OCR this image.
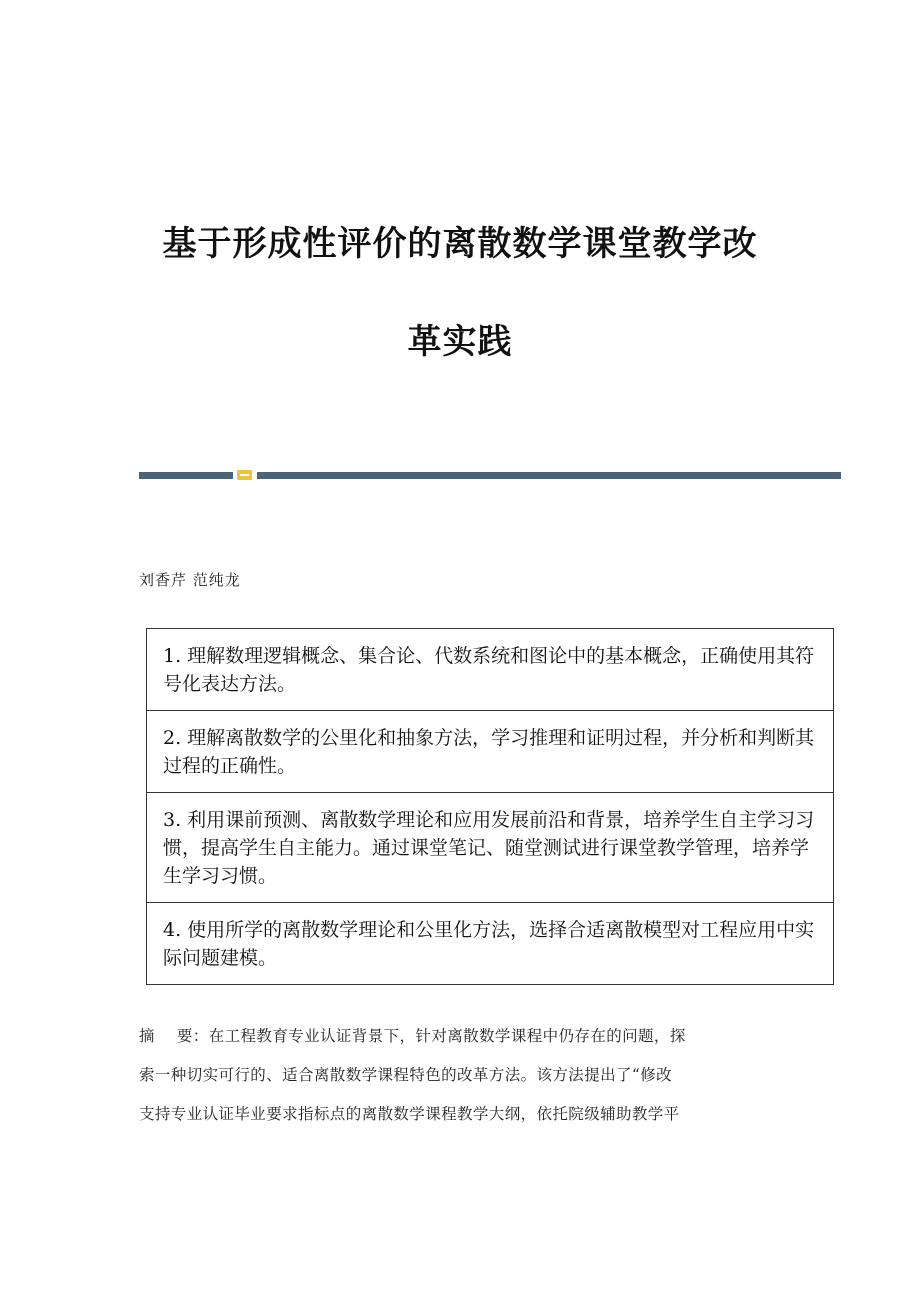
基于形成性评价的离散数学课堂教学改
革实践
刘香芹 范纯龙
1. 理解数理逻辑概念、集合论、代数系统和图论中的基本概念，正确使用其符号化表达方法。
2. 理解离散数学的公里化和抽象方法，学习推理和证明过程，并分析和判断其过程的正确性。
3. 利用课前预测、离散数学理论和应用发展前沿和背景，培养学生自主学习习惯，提高学生自主能力。通过课堂笔记、随堂测试进行课堂教学管理，培养学生学习习惯。
4. 使用所学的离散数学理论和公里化方法，选择合适离散模型对工程应用中实际问题建模。
摘 要：在工程教育专业认证背景下，针对离散数学课程中仍存在的问题，探
索一种切实可行的、适合离散数学课程特色的改革方法。该方法提出了“修改
支持专业认证毕业要求指标点的离散数学课程教学大纲，依托院级辅助教学平
